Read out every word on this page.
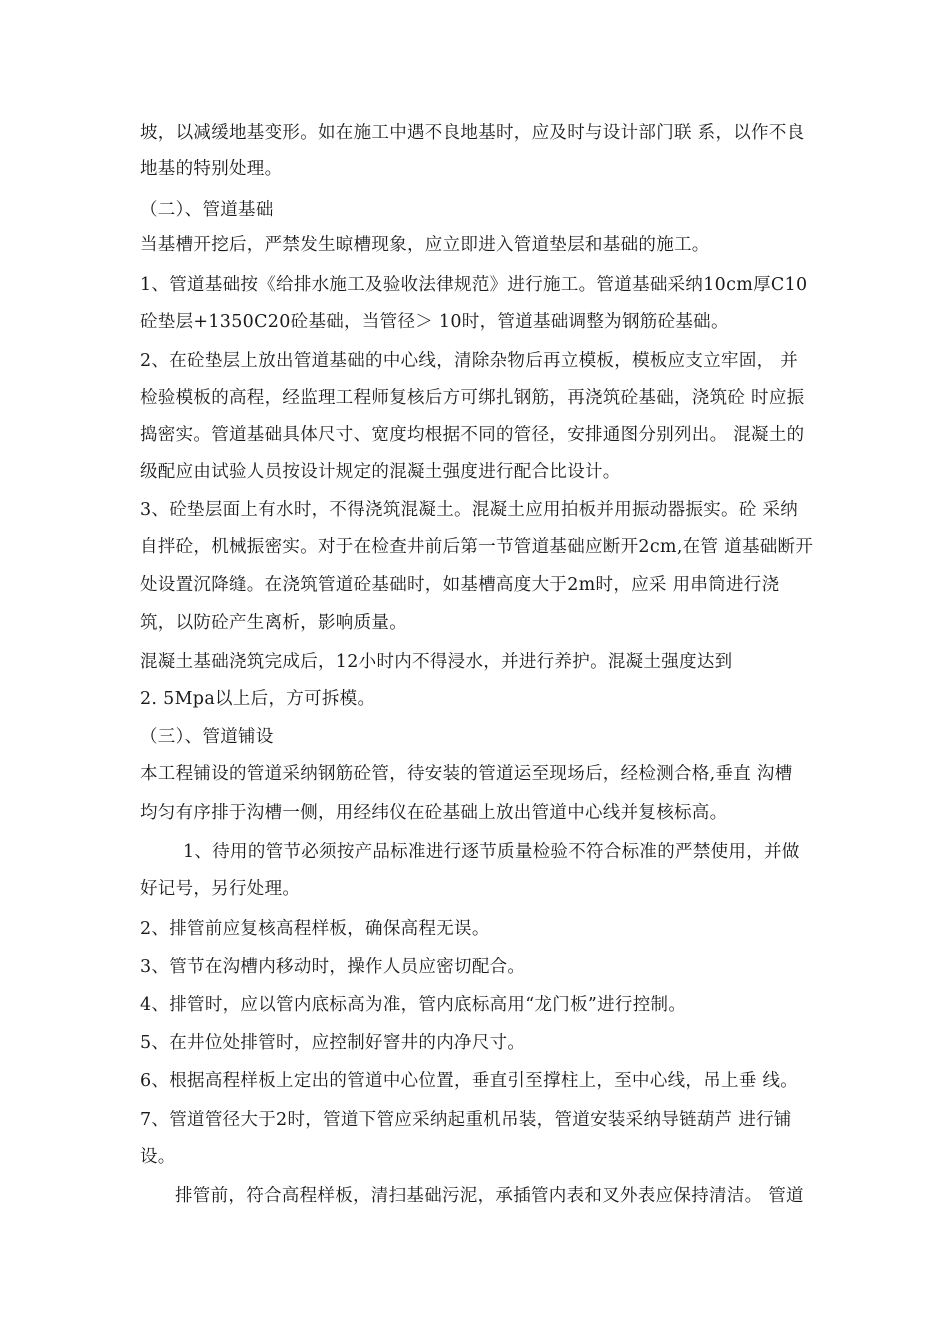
坡，以减缓地基变形。如在施工中遇不良地基时，应及时与设计部门联 系，以作不良
地基的特别处理。
（二）、管道基础
当基槽开挖后，严禁发生晾槽现象，应立即进入管道垫层和基础的施工。
1、管道基础按《给排水施工及验收法律规范》进行施工。管道基础采纳10cm厚C10
砼垫层+1350C20砼基础，当管径＞ 10时，管道基础调整为钢筋砼基础。
2、在砼垫层上放出管道基础的中心线，清除杂物后再立模板，模板应支立牢固， 并
检验模板的高程，经监理工程师复核后方可绑扎钢筋，再浇筑砼基础，浇筑砼 时应振
捣密实。管道基础具体尺寸、宽度均根据不同的管径，安排通图分别列出。 混凝土的
级配应由试验人员按设计规定的混凝土强度进行配合比设计。
3、砼垫层面上有水时，不得浇筑混凝土。混凝土应用拍板并用振动器振实。砼 采纳
自拌砼，机械振密实。对于在检查井前后第一节管道基础应断开2cm,在管 道基础断开
处设置沉降缝。在浇筑管道砼基础时，如基槽高度大于2m时，应采 用串筒进行浇
筑，以防砼产生离析，影响质量。
混凝土基础浇筑完成后，12小时内不得浸水，并进行养护。混凝土强度达到
2. 5Mpa以上后，方可拆模。
（三）、管道铺设
本工程铺设的管道采纳钢筋砼管，待安装的管道运至现场后，经检测合格,垂直 沟槽
均匀有序排于沟槽一侧，用经纬仪在砼基础上放出管道中心线并复核标高。
1、待用的管节必须按产品标准进行逐节质量检验不符合标准的严禁使用，并做
好记号，另行处理。
2、排管前应复核高程样板，确保高程无误。
3、管节在沟槽内移动时，操作人员应密切配合。
4、排管时，应以管内底标高为准，管内底标高用“龙门板”进行控制。
5、在井位处排管时，应控制好窨井的内净尺寸。
6、根据高程样板上定出的管道中心位置，垂直引至撑柱上，至中心线，吊上垂 线。
7、管道管径大于2时，管道下管应采纳起重机吊装，管道安装采纳导链葫芦 进行铺
设。
排管前，符合高程样板，清扫基础污泥，承插管内表和叉外表应保持清洁。 管道
